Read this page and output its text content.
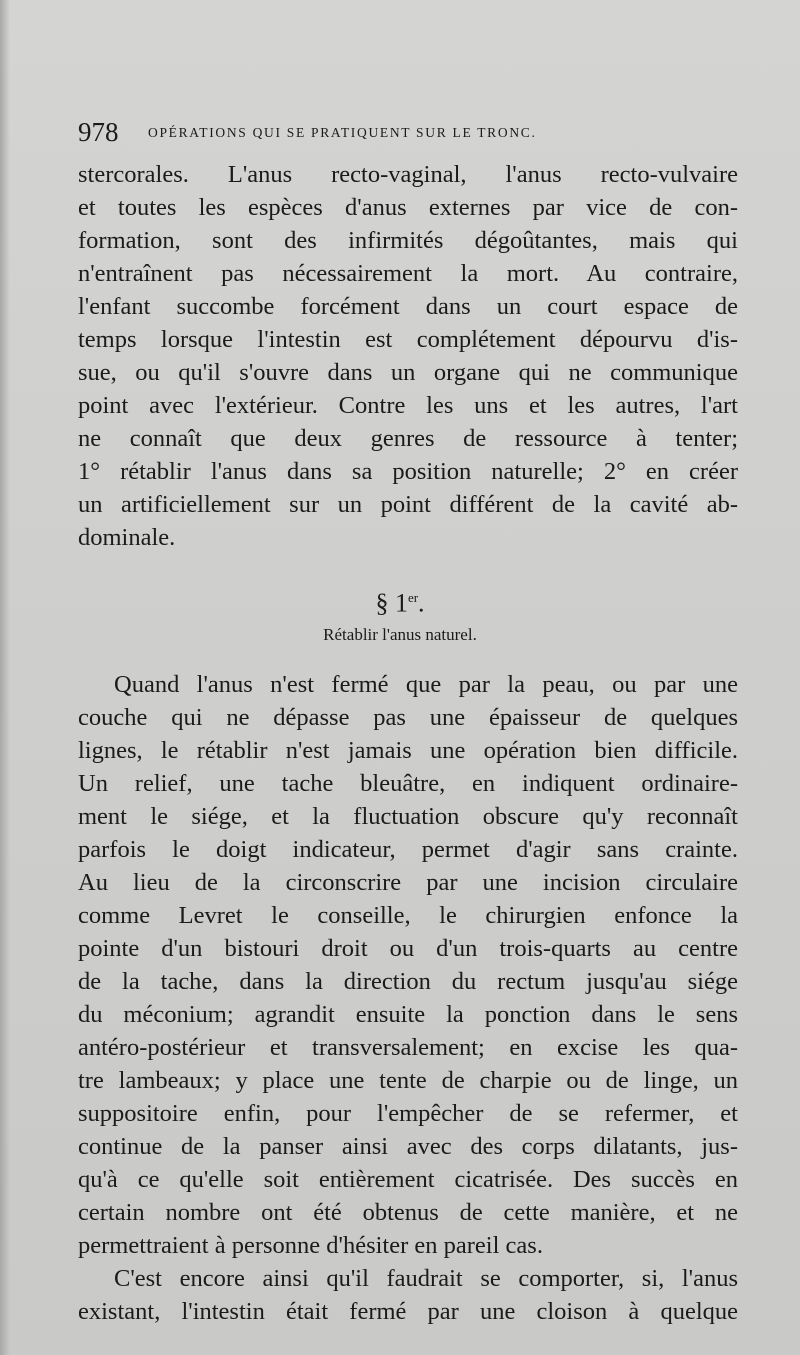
978 OPÉRATIONS QUI SE PRATIQUENT SUR LE TRONC.
stercorales. L'anus recto-vaginal, l'anus recto-vulvaire
et toutes les espèces d'anus externes par vice de con-
formation, sont des infirmités dégoûtantes, mais qui
n'entraînent pas nécessairement la mort. Au contraire,
l'enfant succombe forcément dans un court espace de
temps lorsque l'intestin est complétement dépourvu d'is-
sue, ou qu'il s'ouvre dans un organe qui ne communique
point avec l'extérieur. Contre les uns et les autres, l'art
ne connaît que deux genres de ressource à tenter;
1° rétablir l'anus dans sa position naturelle; 2° en créer
un artificiellement sur un point différent de la cavité ab-
dominale.
§ 1er.
Rétablir l'anus naturel.
Quand l'anus n'est fermé que par la peau, ou par une
couche qui ne dépasse pas une épaisseur de quelques
lignes, le rétablir n'est jamais une opération bien difficile.
Un relief, une tache bleuâtre, en indiquent ordinaire-
ment le siége, et la fluctuation obscure qu'y reconnaît
parfois le doigt indicateur, permet d'agir sans crainte.
Au lieu de la circonscrire par une incision circulaire
comme Levret le conseille, le chirurgien enfonce la
pointe d'un bistouri droit ou d'un trois-quarts au centre
de la tache, dans la direction du rectum jusqu'au siége
du méconium; agrandit ensuite la ponction dans le sens
antéro-postérieur et transversalement; en excise les qua-
tre lambeaux; y place une tente de charpie ou de linge, un
suppositoire enfin, pour l'empêcher de se refermer, et
continue de la panser ainsi avec des corps dilatants, jus-
qu'à ce qu'elle soit entièrement cicatrisée. Des succès en
certain nombre ont été obtenus de cette manière, et ne
permettraient à personne d'hésiter en pareil cas.
C'est encore ainsi qu'il faudrait se comporter, si, l'anus
existant, l'intestin était fermé par une cloison à quelque
